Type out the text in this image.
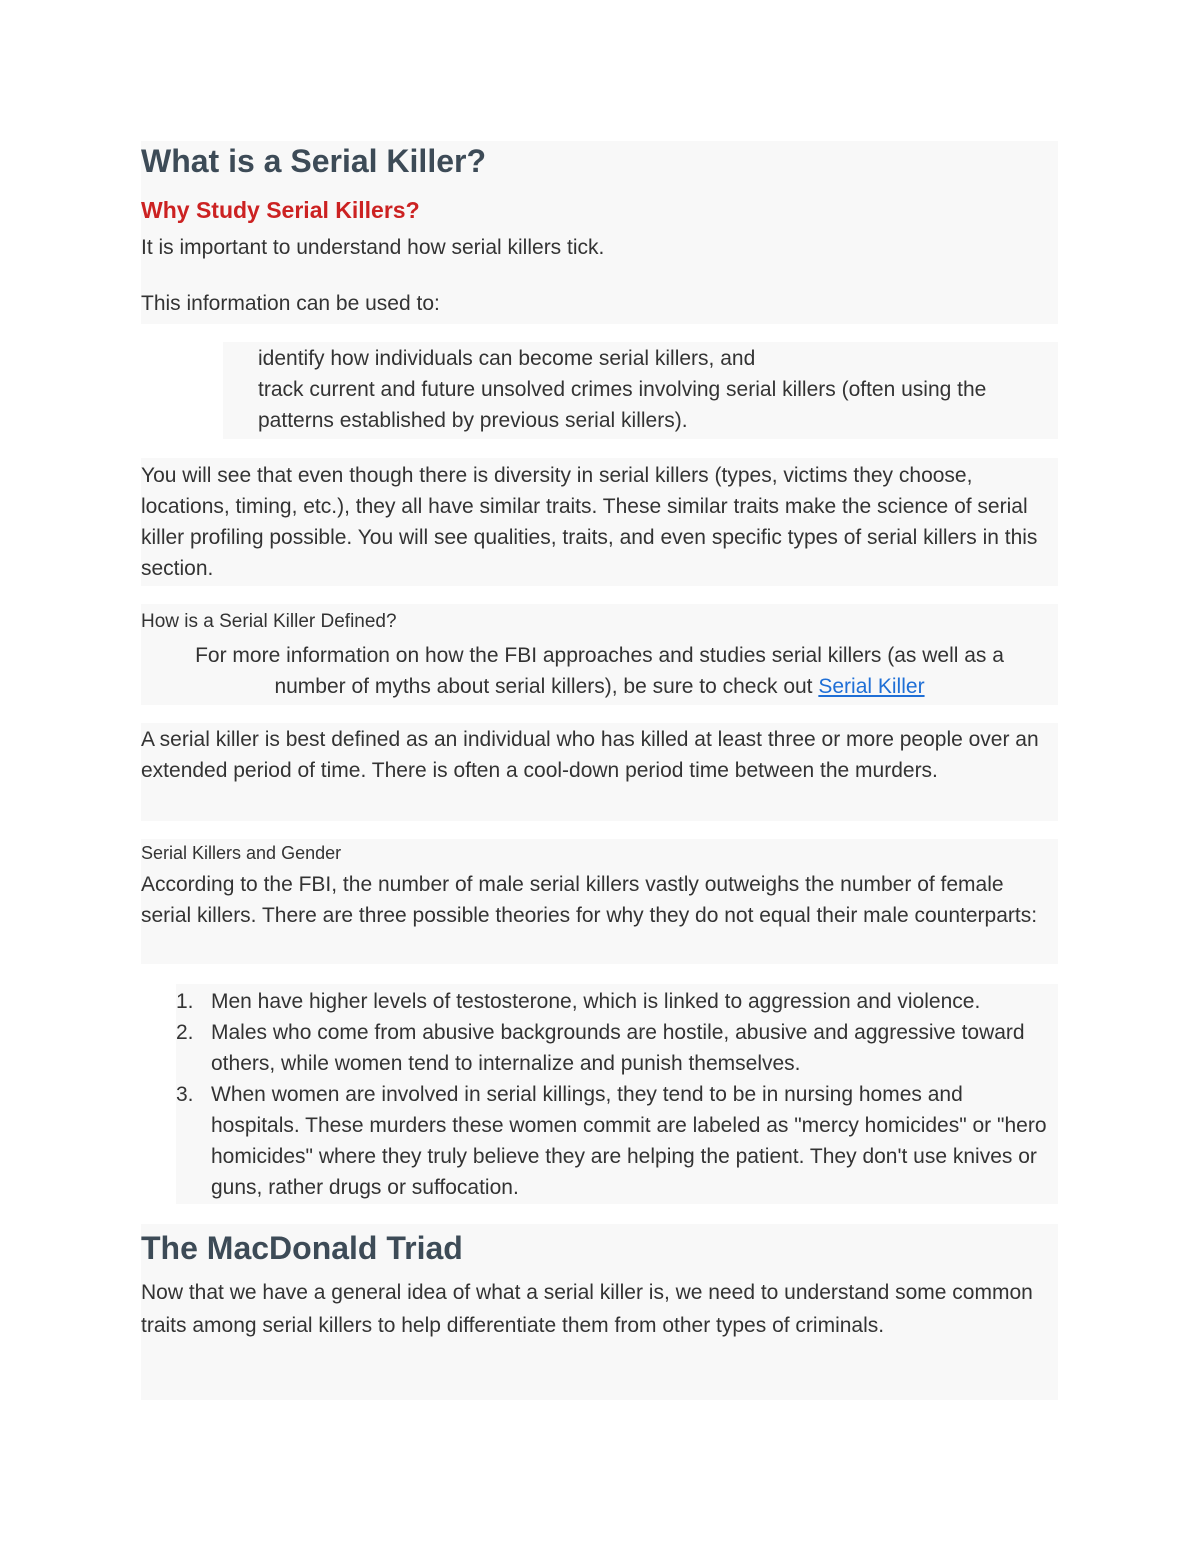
What is a Serial Killer?
Why Study Serial Killers?

It is important to understand how serial killers tick.

This information can be used to:

identify how individuals can become serial killers, and

track current and future unsolved crimes involving serial killers (often using the patterns established by previous serial killers).

You will see that even though there is diversity in serial killers (types, victims they choose, locations, timing, etc.), they all have similar traits. These similar traits make the science of serial killer profiling possible. You will see qualities, traits, and even specific types of serial killers in this section.

How is a Serial Killer Defined?

For more information on how the FBI approaches and studies serial killers (as well as a number of myths about serial killers), be sure to check out Serial Killer

A serial killer is best defined as an individual who has killed at least three or more people over an extended period of time. There is often a cool-down period time between the murders.

Serial Killers and Gender

According to the FBI, the number of male serial killers vastly outweighs the number of female serial killers. There are three possible theories for why they do not equal their male counterparts:

1. Men have higher levels of testosterone, which is linked to aggression and violence.
2. Males who come from abusive backgrounds are hostile, abusive and aggressive toward others, while women tend to internalize and punish themselves.
3. When women are involved in serial killings, they tend to be in nursing homes and hospitals. These murders these women commit are labeled as "mercy homicides" or "hero homicides" where they truly believe they are helping the patient. They don't use knives or guns, rather drugs or suffocation.
The MacDonald Triad

Now that we have a general idea of what a serial killer is, we need to understand some common traits among serial killers to help differentiate them from other types of criminals.
